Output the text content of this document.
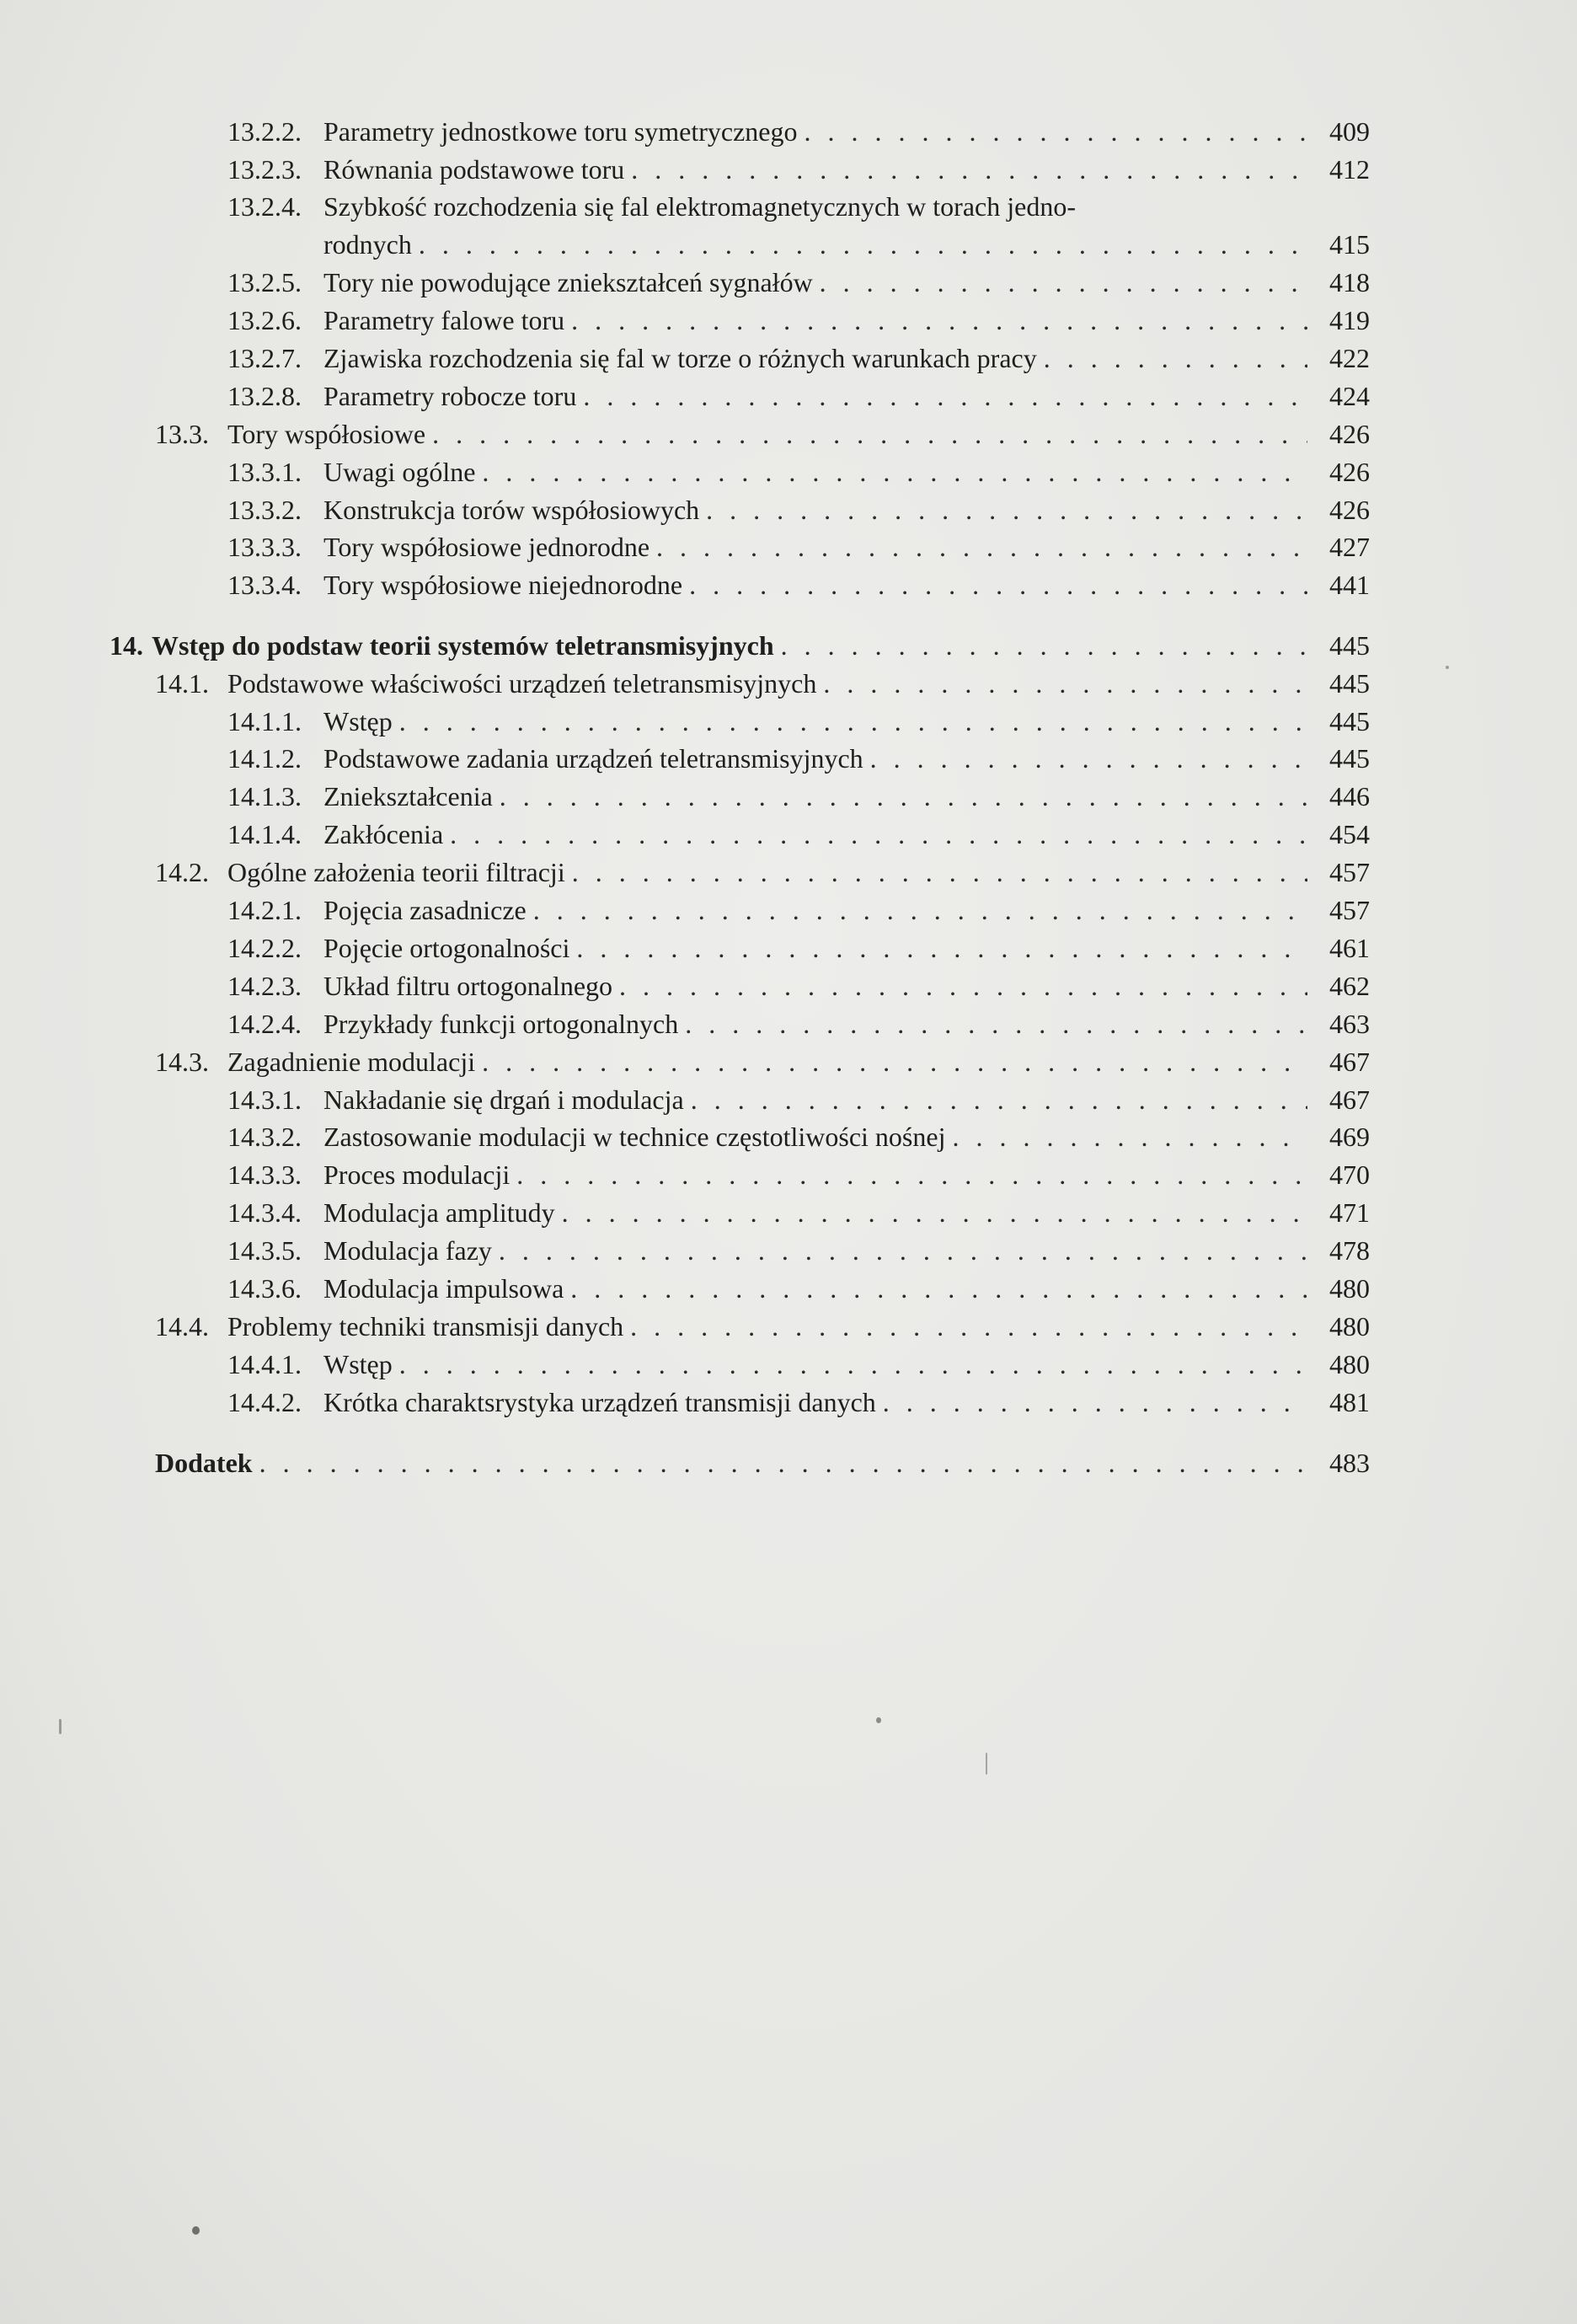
13.2.2. Parametry jednostkowe toru symetrycznego . . .	409
13.2.3. Równania podstawowe toru . . .	412
13.2.4. Szybkość rozchodzenia się fal elektromagnetycznych w torach jedno-
rodnych . . .	415
13.2.5. Tory nie powodujące zniekształceń sygnałów . . .	418
13.2.6. Parametry falowe toru . . .	419
13.2.7. Zjawiska rozchodzenia się fal w torze o różnych warunkach pracy . . .	422
13.2.8. Parametry robocze toru . . .	424
13.3. Tory współosiowe . . .	426
13.3.1. Uwagi ogólne . . .	426
13.3.2. Konstrukcja torów współosiowych . . .	426
13.3.3. Tory współosiowe jednorodne . . .	427
13.3.4. Tory współosiowe niejednorodne . . .	441
14. Wstęp do podstaw teorii systemów teletransmisyjnych . . .	445
14.1. Podstawowe właściwości urządzeń teletransmisyjnych . . .	445
14.1.1. Wstęp . . .	445
14.1.2. Podstawowe zadania urządzeń teletransmisyjnych . . .	445
14.1.3. Zniekształcenia . . .	446
14.1.4. Zakłócenia . . .	454
14.2. Ogólne założenia teorii filtracji . . .	457
14.2.1. Pojęcia zasadnicze . . .	457
14.2.2. Pojęcie ortogonalności . . .	461
14.2.3. Układ filtru ortogonalnego . . .	462
14.2.4. Przykłady funkcji ortogonalnych . . .	463
14.3. Zagadnienie modulacji . . .	467
14.3.1. Nakładanie się drgań i modulacja . . .	467
14.3.2. Zastosowanie modulacji w technice częstotliwości nośnej . . .	469
14.3.3. Proces modulacji . . .	470
14.3.4. Modulacja amplitudy . . .	471
14.3.5. Modulacja fazy . . .	478
14.3.6. Modulacja impulsowa . . .	480
14.4. Problemy techniki transmisji danych . . .	480
14.4.1. Wstęp . . .	480
14.4.2. Krótka charaktsrystyka urządzeń transmisji danych . . .	481
Dodatek . . .	483
